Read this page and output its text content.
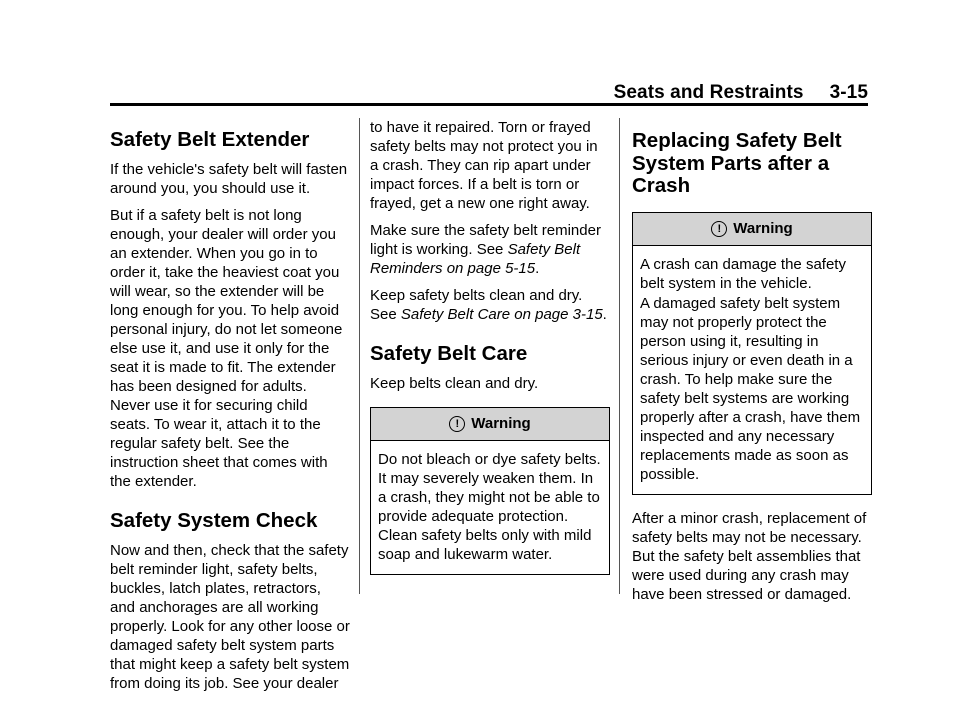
Seats and Restraints 3-15
Safety Belt Extender

If the vehicle's safety belt will fasten around you, you should use it.

But if a safety belt is not long enough, your dealer will order you an extender. When you go in to order it, take the heaviest coat you will wear, so the extender will be long enough for you. To help avoid personal injury, do not let someone else use it, and use it only for the seat it is made to fit. The extender has been designed for adults. Never use it for securing child seats. To wear it, attach it to the regular safety belt. See the instruction sheet that comes with the extender.

Safety System Check

Now and then, check that the safety belt reminder light, safety belts, buckles, latch plates, retractors, and anchorages are all working properly. Look for any other loose or damaged safety belt system parts that might keep a safety belt system from doing its job. See your dealer

to have it repaired. Torn or frayed safety belts may not protect you in a crash. They can rip apart under impact forces. If a belt is torn or frayed, get a new one right away.

Make sure the safety belt reminder light is working. See Safety Belt Reminders on page 5-15.

Keep safety belts clean and dry. See Safety Belt Care on page 3-15.

Safety Belt Care

Keep belts clean and dry.

! Warning

Do not bleach or dye safety belts. It may severely weaken them. In a crash, they might not be able to provide adequate protection. Clean safety belts only with mild soap and lukewarm water.

Replacing Safety Belt System Parts after a Crash
! Warning

A crash can damage the safety belt system in the vehicle.

A damaged safety belt system may not properly protect the person using it, resulting in serious injury or even death in a crash. To help make sure the safety belt systems are working properly after a crash, have them inspected and any necessary replacements made as soon as possible.

After a minor crash, replacement of safety belts may not be necessary. But the safety belt assemblies that were used during any crash may have been stressed or damaged.
